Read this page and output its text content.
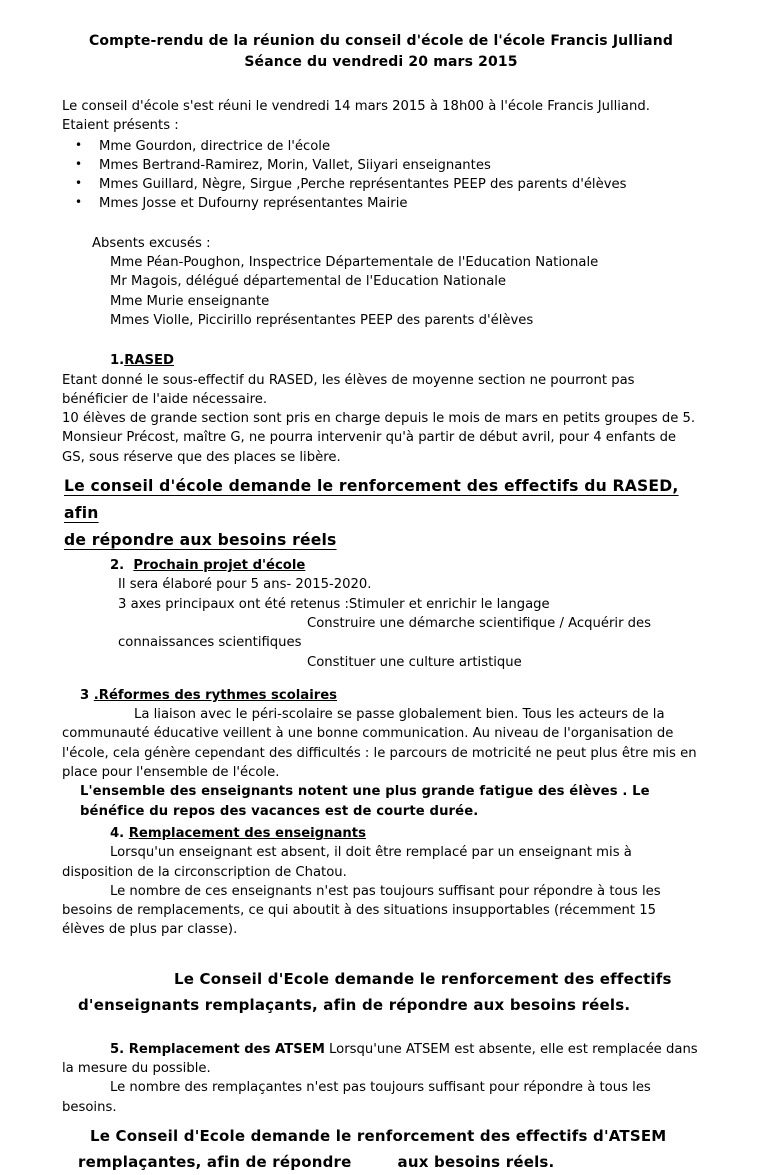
Compte-rendu de la réunion du conseil d'école de l'école Francis Julliand
Séance du vendredi 20 mars 2015
Le conseil d'école s'est réuni le vendredi 14 mars 2015 à 18h00 à l'école Francis Julliand.
Etaient présents :
• Mme Gourdon, directrice de l'école
• Mmes Bertrand-Ramirez, Morin, Vallet, Siiyari enseignantes
• Mmes Guillard, Nègre, Sirgue ,Perche représentantes PEEP des parents d'élèves
• Mmes Josse et Dufourny représentantes Mairie
Absents excusés :
Mme Péan-Poughon, Inspectrice Départementale de l'Education Nationale
Mr Magois, délégué départemental de l'Education Nationale
Mme Murie enseignante
Mmes Violle, Piccirillo représentantes PEEP des parents d'élèves
1.RASED
Etant donné le sous-effectif du RASED, les élèves de moyenne section ne pourront pas bénéficier de l'aide nécessaire.
10 élèves de grande section sont pris en charge depuis le mois de mars en petits groupes de 5.
Monsieur Précost, maître G, ne pourra intervenir qu'à partir de début avril, pour 4 enfants de GS, sous réserve que des places se libère.
Le conseil d'école demande le renforcement des effectifs du RASED, afin
de répondre aux besoins réels
2. Prochain projet d'école
Il sera élaboré pour 5 ans- 2015-2020.
3 axes principaux ont été retenus :Stimuler et enrichir le langage
Construire une démarche scientifique / Acquérir des
connaissances scientifiques
Constituer une culture artistique
3 .Réformes des rythmes scolaires
La liaison avec le péri-scolaire se passe globalement bien. Tous les acteurs de la communauté éducative veillent à une bonne communication. Au niveau de l'organisation de l'école, cela génère cependant des difficultés : le parcours de motricité ne peut plus être mis en place pour l'ensemble de l'école.
L'ensemble des enseignants notent une plus grande fatigue des élèves . Le bénéfice du repos des vacances est de courte durée.
4. Remplacement des enseignants
Lorsqu'un enseignant est absent, il doit être remplacé par un enseignant mis à disposition de la circonscription de Chatou.
Le nombre de ces enseignants n'est pas toujours suffisant pour répondre à tous les besoins de remplacements, ce qui aboutit à des situations insupportables (récemment 15 élèves de plus par classe).
Le Conseil d'Ecole demande le renforcement des effectifs
d'enseignants remplaçants, afin de répondre aux besoins réels.
5. Remplacement des ATSEM Lorsqu'une ATSEM est absente, elle est remplacée dans la mesure du possible.
Le nombre des remplaçantes n'est pas toujours suffisant pour répondre à tous les besoins.
Le Conseil d'Ecole demande le renforcement des effectifs d'ATSEM
remplaçantes, afin de répondre	aux besoins réels.
